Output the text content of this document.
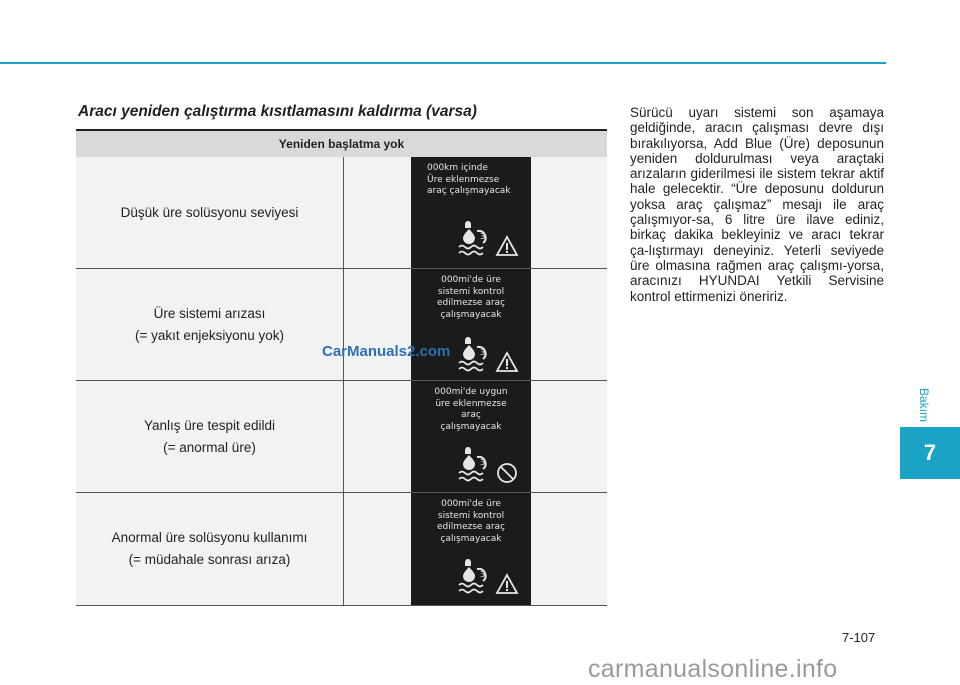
Aracı yeniden çalıştırma kısıtlamasını kaldırma (varsa)
Yeniden başlatma yok
Düşük üre solüsyonu seviyesi
000km içinde
Üre eklenmezse
araç çalışmayacak
3
Üre sistemi arızası
(= yakıt enjeksiyonu yok)
000mi'de üre
sistemi kontrol
edilmezse araç
çalışmayacak
3
Yanlış üre tespit edildi
(= anormal üre)
000mi'de uygun
üre eklenmezse
araç
çalışmayacak
3
Anormal üre solüsyonu kullanımı
(= müdahale sonrası arıza)
000mi'de üre
sistemi kontrol
edilmezse araç
çalışmayacak
3
CarManuals2.com

Sürücü uyarı sistemi son aşamaya geldiğinde, aracın çalışması devre dışı bırakılıyorsa, Add Blue (Üre) deposunun yeniden doldurulması veya araçtaki arızaların giderilmesi ile sistem tekrar aktif hale gelecektir. “Üre deposunu doldurun yoksa araç çalışmaz” mesajı ile araç çalışmıyor-sa, 6 litre üre ilave ediniz, birkaç dakika bekleyiniz ve aracı tekrar ça-lıştırmayı deneyiniz. Yeterli seviyede üre olmasına rağmen araç çalışmı-yorsa, aracınızı HYUNDAI Yetkili Servisine kontrol ettirmenizi öneririz.

Bakım
7
7-107
carmanualsonline.info
